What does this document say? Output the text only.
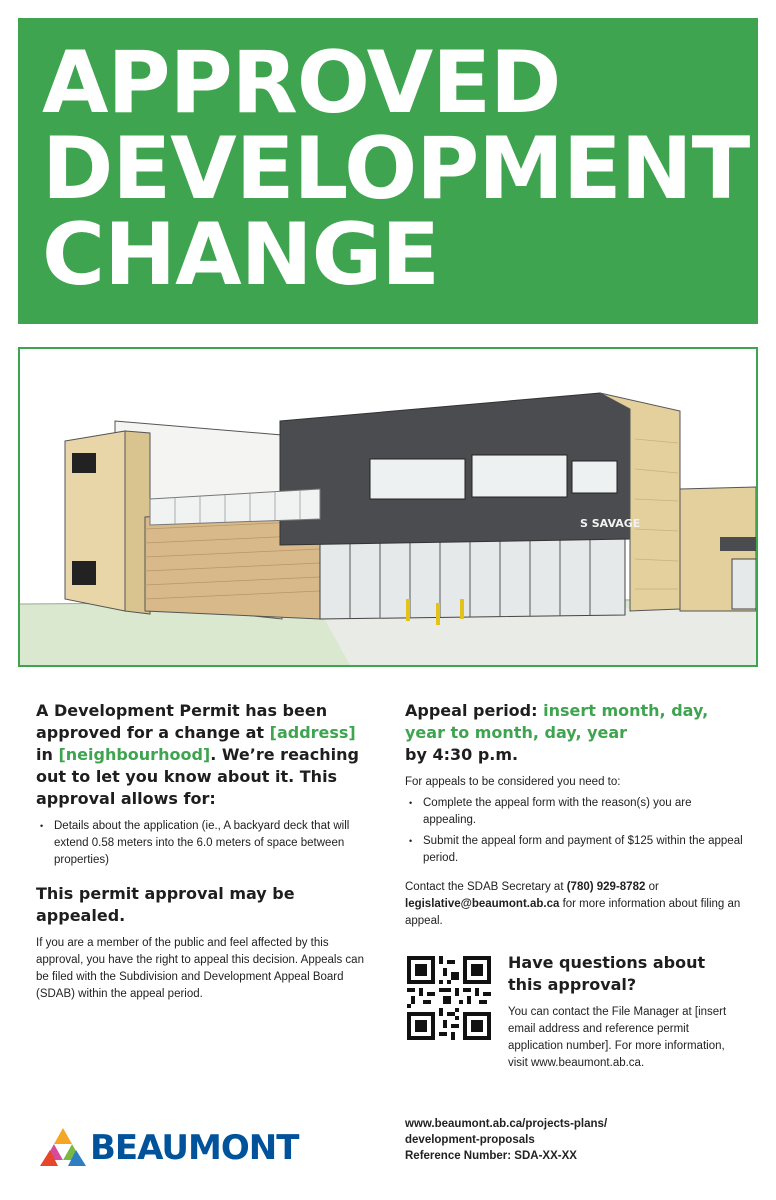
APPROVED
DEVELOPMENT
CHANGE
S SAVAGE

A Development Permit has been approved for a change at [address] in [neighbourhood]. We’re reaching out to let you know about it. This approval allows for:

• Details about the application (ie., A backyard deck that will extend 0.58 meters into the 6.0 meters of space between properties)

This permit approval may be appealed.

If you are a member of the public and feel affected by this approval, you have the right to appeal this decision. Appeals can be filed with the Subdivision and Development Appeal Board (SDAB) within the appeal period.

Appeal period: insert month, day, year to month, day, year
by 4:30 p.m.

For appeals to be considered you need to:

• Complete the appeal form with the reason(s) you are appealing.
• Submit the appeal form and payment of $125 within the appeal period.

Contact the SDAB Secretary at (780) 929-8782 or legislative@beaumont.ab.ca for more information about filing an appeal.

Have questions about this approval?

You can contact the File Manager at [insert email address and reference permit application number]. For more information, visit www.beaumont.ab.ca.

www.beaumont.ab.ca/projects-plans/
development-proposals
Reference Number: SDA-XX-XX
BEAUMONT
